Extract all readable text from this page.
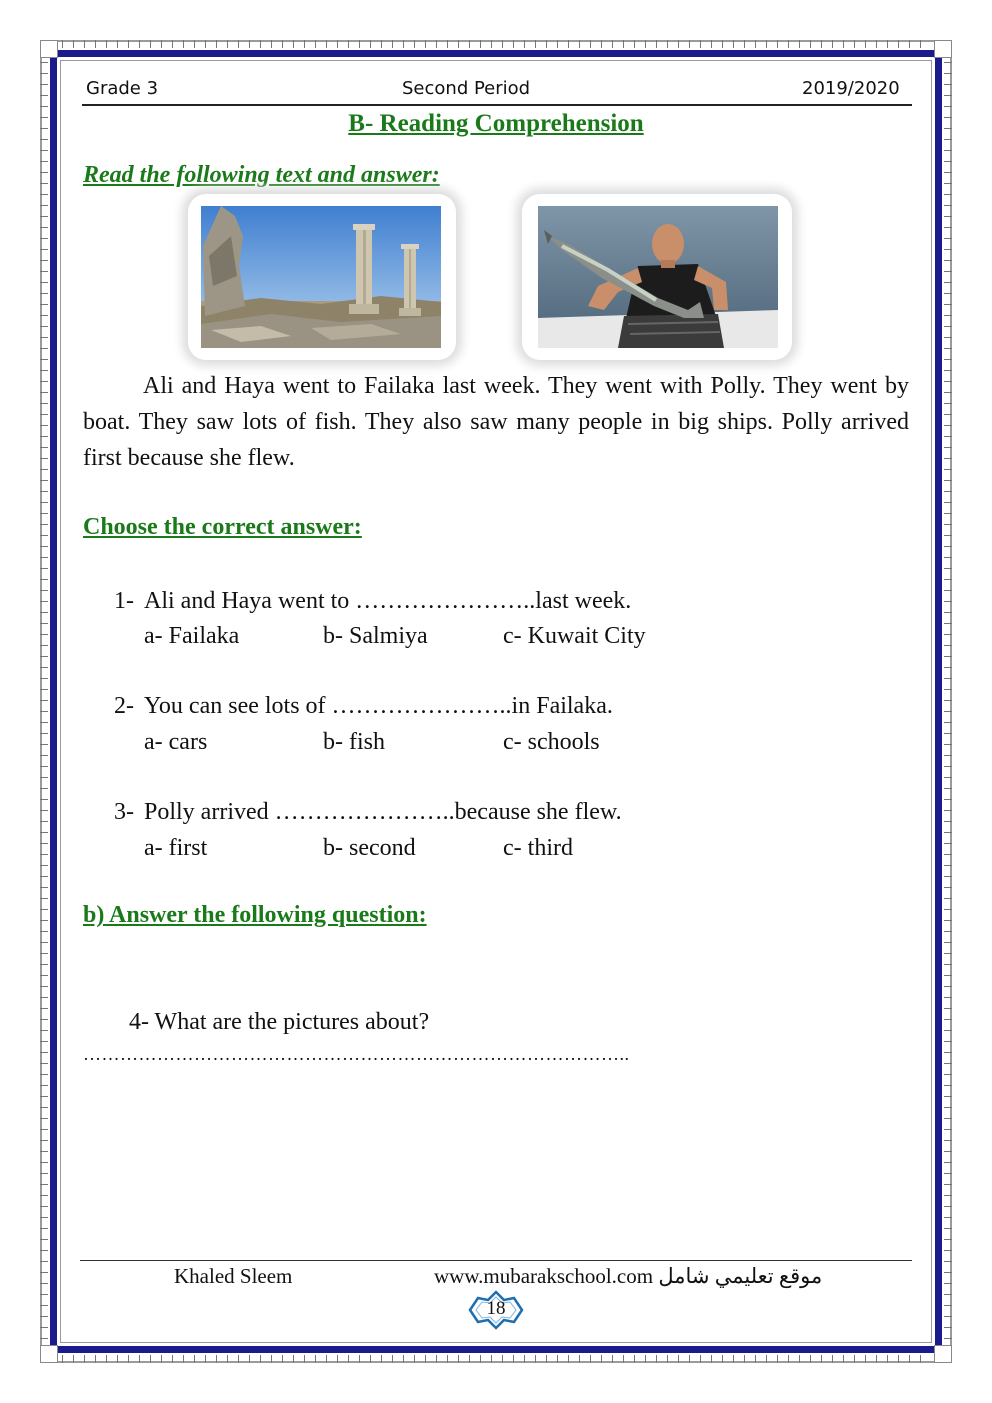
Grade 3	Second Period	2019/2020
B- Reading Comprehension
Read the following text and answer:

Ali and Haya went to Failaka last week. They went with Polly. They went by boat. They saw lots of fish. They also saw many people in big ships. Polly arrived first because she flew.

Choose the correct answer:
1- Ali and Haya went to …………………..last week.
a- Failaka	b- Salmiya	c- Kuwait City
2- You can see lots of …………………..in Failaka.
a- cars	b- fish	c- schools
3- Polly arrived …………………..because she flew.
a- first	b- second	c- third
b) Answer the following question:
4- What are the pictures about?
……………………………………………………………………………..
Khaled Sleem	www.mubarakschool.com موقع تعليمي شامل
18
